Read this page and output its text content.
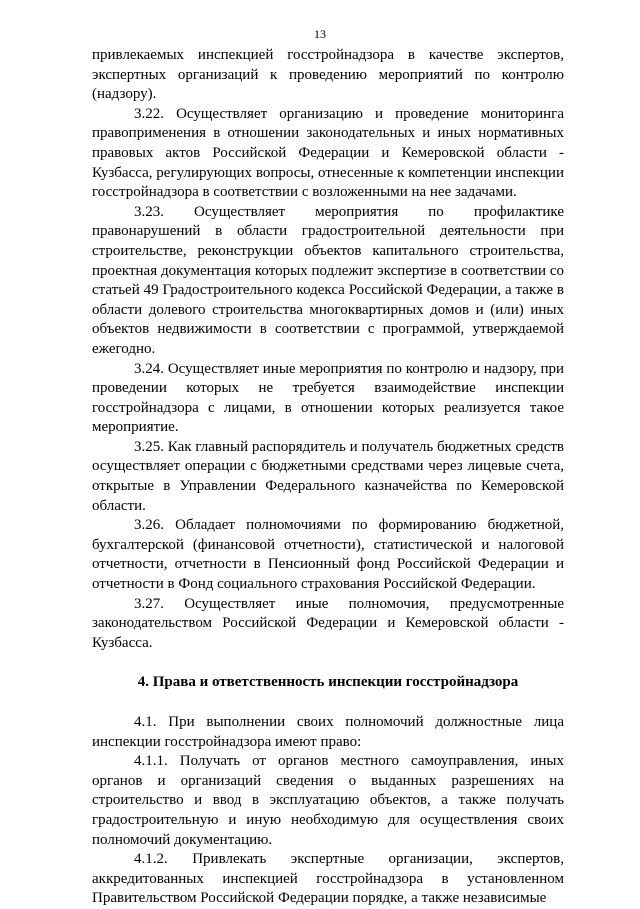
13

привлекаемых инспекцией госстройнадзора в качестве экспертов, экспертных организаций к проведению мероприятий по контролю (надзору).

3.22. Осуществляет организацию и проведение мониторинга правоприменения в отношении законодательных и иных нормативных правовых актов Российской Федерации и Кемеровской области - Кузбасса, регулирующих вопросы, отнесенные к компетенции инспекции госстройнадзора в соответствии с возложенными на нее задачами.

3.23. Осуществляет мероприятия по профилактике правонарушений в области градостроительной деятельности при строительстве, реконструкции объектов капитального строительства, проектная документация которых подлежит экспертизе в соответствии со статьей 49 Градостроительного кодекса Российской Федерации, а также в области долевого строительства многоквартирных домов и (или) иных объектов недвижимости в соответствии с программой, утверждаемой ежегодно.

3.24. Осуществляет иные мероприятия по контролю и надзору, при проведении которых не требуется взаимодействие инспекции госстройнадзора с лицами, в отношении которых реализуется такое мероприятие.

3.25. Как главный распорядитель и получатель бюджетных средств осуществляет операции с бюджетными средствами через лицевые счета, открытые в Управлении Федерального казначейства по Кемеровской области.

3.26. Обладает полномочиями по формированию бюджетной, бухгалтерской (финансовой отчетности), статистической и налоговой отчетности, отчетности в Пенсионный фонд Российской Федерации и отчетности в Фонд социального страхования Российской Федерации.

3.27. Осуществляет иные полномочия, предусмотренные законодательством Российской Федерации и Кемеровской области - Кузбасса.

4. Права и ответственность инспекции госстройнадзора

4.1. При выполнении своих полномочий должностные лица инспекции госстройнадзора имеют право:

4.1.1. Получать от органов местного самоуправления, иных органов и организаций сведения о выданных разрешениях на строительство и ввод в эксплуатацию объектов, а также получать градостроительную и иную необходимую для осуществления своих полномочий документацию.

4.1.2. Привлекать экспертные организации, экспертов, аккредитованных инспекцией госстройнадзора в установленном Правительством Российской Федерации порядке, а также независимые
